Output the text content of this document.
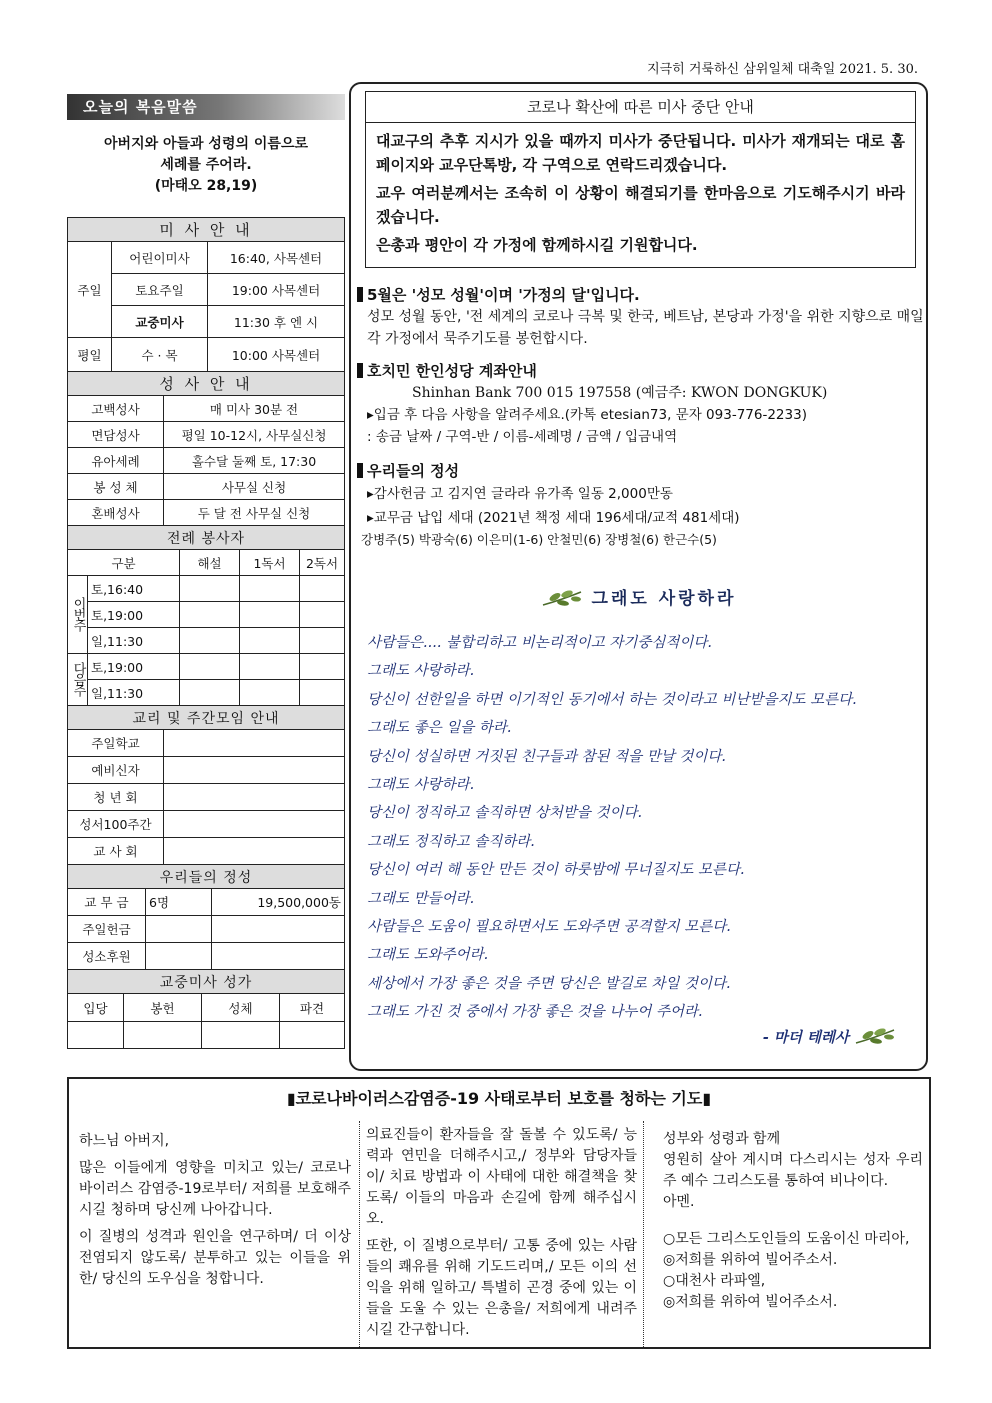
지극히 거룩하신 삼위일체 대축일 2021. 5. 30.
오늘의 복음말씀
아버지와 아들과 성령의 이름으로
세례를 주어라.
(마태오 28,19)
미 사 안 내		
주일	어린이미사	16:40, 사목센터
	토요주일	19:00 사목센터
	교중미사	11:30 후 엔 시
평일	수 · 목	10:00 사목센터
성 사 안 내	
고백성사	매 미사 30분 전
면담성사	평일 10-12시, 사무실신청
유아세례	홀수달 둘째 토, 17:30
봉 성 체	사무실 신청
혼배성사	두 달 전 사무실 신청
전례 봉사자				
구분		해설	1독서	2독서
이번주	토,16:40			
	토,19:00			
	일,11:30			
다음주	토,19:00			
	일,11:30			
교리 및 주간모임 안내	
주일학교	
예비신자	
청 년 회	
성서100주간	
교 사 회	
우리들의 정성		
교 무 금	6명	19,500,000동
주일헌금		
성소후원		
교중미사 성가			
입당	봉헌	성체	파견

코로나 확산에 따른 미사 중단 안내

대교구의 추후 지시가 있을 때까지 미사가 중단됩니다. 미사가 재개되는 대로 홈페이지와 교우단톡방, 각 구역으로 연락드리겠습니다.

교우 여러분께서는 조속히 이 상황이 해결되기를 한마음으로 기도해주시기 바라겠습니다.

은총과 평안이 각 가정에 함께하시길 기원합니다.

5월은 '성모 성월'이며 '가정의 달'입니다.
성모 성월 동안, '전 세계의 코로나 극복 및 한국, 베트남, 본당과 가정'을 위한 지향으로 매일 각 가정에서 묵주기도를 봉헌합시다.
호치민 한인성당 계좌안내
Shinhan Bank 700 015 197558 (예금주: KWON DONGKUK)
▸입금 후 다음 사항을 알려주세요.(카톡 etesian73, 문자 093-776-2233)
: 송금 날짜 / 구역-반 / 이름-세례명 / 금액 / 입금내역
우리들의 정성
▸감사헌금 고 김지연 글라라 유가족 일동 2,000만동
▸교무금 납입 세대 (2021년 책정 세대 196세대/교적 481세대)
강병주(5) 박광숙(6) 이은미(1-6) 안철민(6) 장병철(6) 한근수(5)
그래도 사랑하라
사람들은.... 불합리하고 비논리적이고 자기중심적이다.
그래도 사랑하라.
당신이 선한일을 하면 이기적인 동기에서 하는 것이라고 비난받을지도 모른다.
그래도 좋은 일을 하라.
당신이 성실하면 거짓된 친구들과 참된 적을 만날 것이다.
그래도 사랑하라.
당신이 정직하고 솔직하면 상처받을 것이다.
그래도 정직하고 솔직하라.
당신이 여러 해 동안 만든 것이 하룻밤에 무너질지도 모른다.
그래도 만들어라.
사람들은 도움이 필요하면서도 도와주면 공격할지 모른다.
그래도 도와주어라.
세상에서 가장 좋은 것을 주면 당신은 발길로 차일 것이다.
그래도 가진 것 중에서 가장 좋은 것을 나누어 주어라.
- 마더 테레사
▮코로나바이러스감염증-19 사태로부터 보호를 청하는 기도▮

하느님 아버지,

많은 이들에게 영향을 미치고 있는/ 코로나 바이러스 감염증-19로부터/ 저희를 보호해주시길 청하며 당신께 나아갑니다.

이 질병의 성격과 원인을 연구하며/ 더 이상 전염되지 않도록/ 분투하고 있는 이들을 위한/ 당신의 도우심을 청합니다.

의료진들이 환자들을 잘 돌볼 수 있도록/ 능력과 연민을 더해주시고,/ 정부와 담당자들이/ 치료 방법과 이 사태에 대한 해결책을 찾도록/ 이들의 마음과 손길에 함께 해주십시오.

또한, 이 질병으로부터/ 고통 중에 있는 사람들의 쾌유를 위해 기도드리며,/ 모든 이의 선익을 위해 일하고/ 특별히 곤경 중에 있는 이들을 도울 수 있는 은총을/ 저희에게 내려주시길 간구합니다.

성부와 성령과 함께
영원히 살아 계시며 다스리시는 성자 우리 주 예수 그리스도를 통하여 비나이다.
아멘.
○모든 그리스도인들의 도움이신 마리아,
◎저희를 위하여 빌어주소서.
○대천사 라파엘,
◎저희를 위하여 빌어주소서.
